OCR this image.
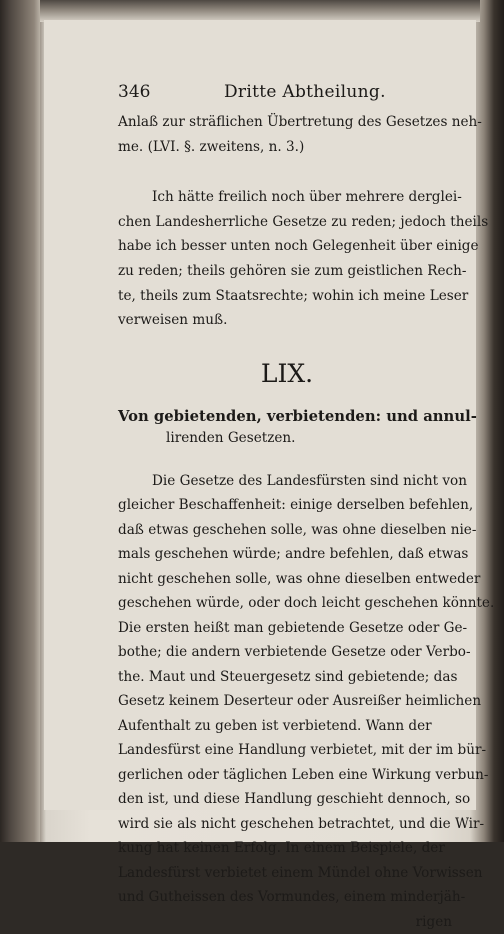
346	Dritte Abtheilung.
Anlaß zur sträflichen Übertretung des Gesetzes neh-
me. (LVI. §. zweitens, n. 3.)
Ich hätte freilich noch über mehrere derglei-
chen Landesherrliche Gesetze zu reden; jedoch theils
habe ich besser unten noch Gelegenheit über einige
zu reden; theils gehören sie zum geistlichen Rech-
te, theils zum Staatsrechte; wohin ich meine Leser
verweisen muß.
LIX.
Von gebietenden, verbietenden: und annul-
lirenden Gesetzen.
Die Gesetze des Landesfürsten sind nicht von
gleicher Beschaffenheit: einige derselben befehlen,
daß etwas geschehen solle, was ohne dieselben nie-
mals geschehen würde; andre befehlen, daß etwas
nicht geschehen solle, was ohne dieselben entweder
geschehen würde, oder doch leicht geschehen könnte.
Die ersten heißt man gebietende Gesetze oder Ge-
bothe; die andern verbietende Gesetze oder Verbo-
the. Maut und Steuergesetz sind gebietende; das
Gesetz keinem Deserteur oder Ausreißer heimlichen
Aufenthalt zu geben ist verbietend. Wann der
Landesfürst eine Handlung verbietet, mit der im bür-
gerlichen oder täglichen Leben eine Wirkung verbun-
den ist, und diese Handlung geschieht dennoch, so
wird sie als nicht geschehen betrachtet, und die Wir-
kung hat keinen Erfolg. In einem Beispiele, der
Landesfürst verbietet einem Mündel ohne Vorwissen
und Gutheissen des Vormundes, einem minderjäh-
rigen
